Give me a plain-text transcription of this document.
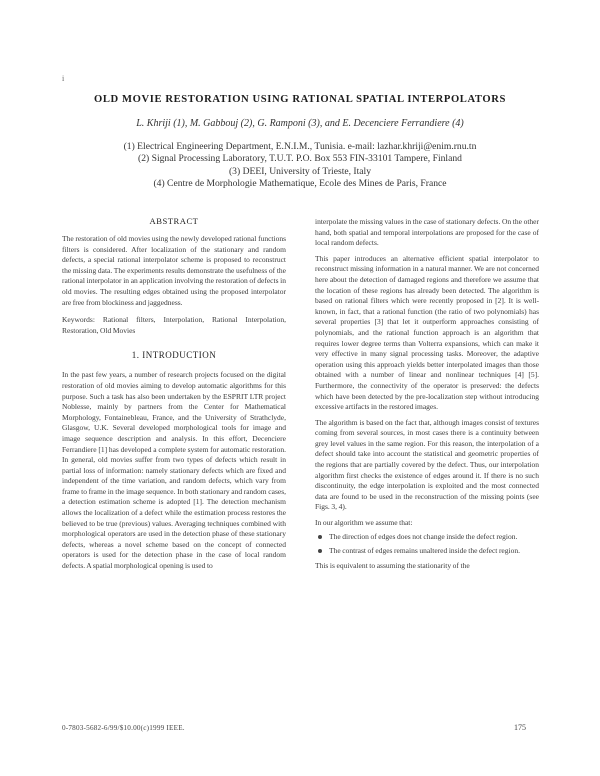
i
OLD MOVIE RESTORATION USING RATIONAL SPATIAL INTERPOLATORS
L. Khriji (1), M. Gabbouj (2), G. Ramponi (3), and E. Decenciere Ferrandiere (4)
(1) Electrical Engineering Department, E.N.I.M., Tunisia. e-mail: lazhar.khriji@enim.rnu.tn
(2) Signal Processing Laboratory, T.U.T. P.O. Box 553 FIN-33101 Tampere, Finland
(3) DEEI, University of Trieste, Italy
(4) Centre de Morphologie Mathematique, Ecole des Mines de Paris, France
ABSTRACT

The restoration of old movies using the newly developed rational functions filters is considered. After localization of the stationary and random defects, a special rational interpolator scheme is proposed to reconstruct the missing data. The experiments results demonstrate the usefulness of the rational interpolator in an application involving the restoration of defects in old movies. The resulting edges obtained using the proposed interpolator are free from blockiness and jaggedness.

Keywords: Rational filters, Interpolation, Rational Interpolation, Restoration, Old Movies

1. INTRODUCTION

In the past few years, a number of research projects focused on the digital restoration of old movies aiming to develop automatic algorithms for this purpose. Such a task has also been undertaken by the ESPRIT LTR project Noblesse, mainly by partners from the Center for Mathematical Morphology, Fontainebleau, France, and the University of Strathclyde, Glasgow, U.K. Several developed morphological tools for image and image sequence description and analysis. In this effort, Decenciere Ferrandiere [1] has developed a complete system for automatic restoration. In general, old movies suffer from two types of defects which result in partial loss of information: namely stationary defects which are fixed and independent of the time variation, and random defects, which vary from frame to frame in the image sequence. In both stationary and random cases, a detection estimation scheme is adopted [1]. The detection mechanism allows the localization of a defect while the estimation process restores the believed to be true (previous) values. Averaging techniques combined with morphological operators are used in the detection phase of these stationary defects, whereas a novel scheme based on the concept of connected operators is used for the detection phase in the case of local random defects. A spatial morphological opening is used to

interpolate the missing values in the case of stationary defects. On the other hand, both spatial and temporal interpolations are proposed for the case of local random defects.

This paper introduces an alternative efficient spatial interpolator to reconstruct missing information in a natural manner. We are not concerned here about the detection of damaged regions and therefore we assume that the location of these regions has already been detected. The algorithm is based on rational filters which were recently proposed in [2]. It is well-known, in fact, that a rational function (the ratio of two polynomials) has several properties [3] that let it outperform approaches consisting of polynomials, and the rational function approach is an algorithm that requires lower degree terms than Volterra expansions, which can make it very effective in many signal processing tasks. Moreover, the adaptive operation using this approach yields better interpolated images than those obtained with a number of linear and nonlinear techniques [4] [5]. Furthermore, the connectivity of the operator is preserved: the defects which have been detected by the pre-localization step without introducing excessive artifacts in the restored images.

The algorithm is based on the fact that, although images consist of textures coming from several sources, in most cases there is a continuity between grey level values in the same region. For this reason, the interpolation of a defect should take into account the statistical and geometric properties of the regions that are partially covered by the defect. Thus, our interpolation algorithm first checks the existence of edges around it. If there is no such discontinuity, the edge interpolation is exploited and the most connected data are found to be used in the reconstruction of the missing points (see Figs. 3, 4).

In our algorithm we assume that:

The direction of edges does not change inside the defect region.
The contrast of edges remains unaltered inside the defect region.

This is equivalent to assuming the stationarity of the

0-7803-5682-6/99/$10.00(c)1999 IEEE.	175
